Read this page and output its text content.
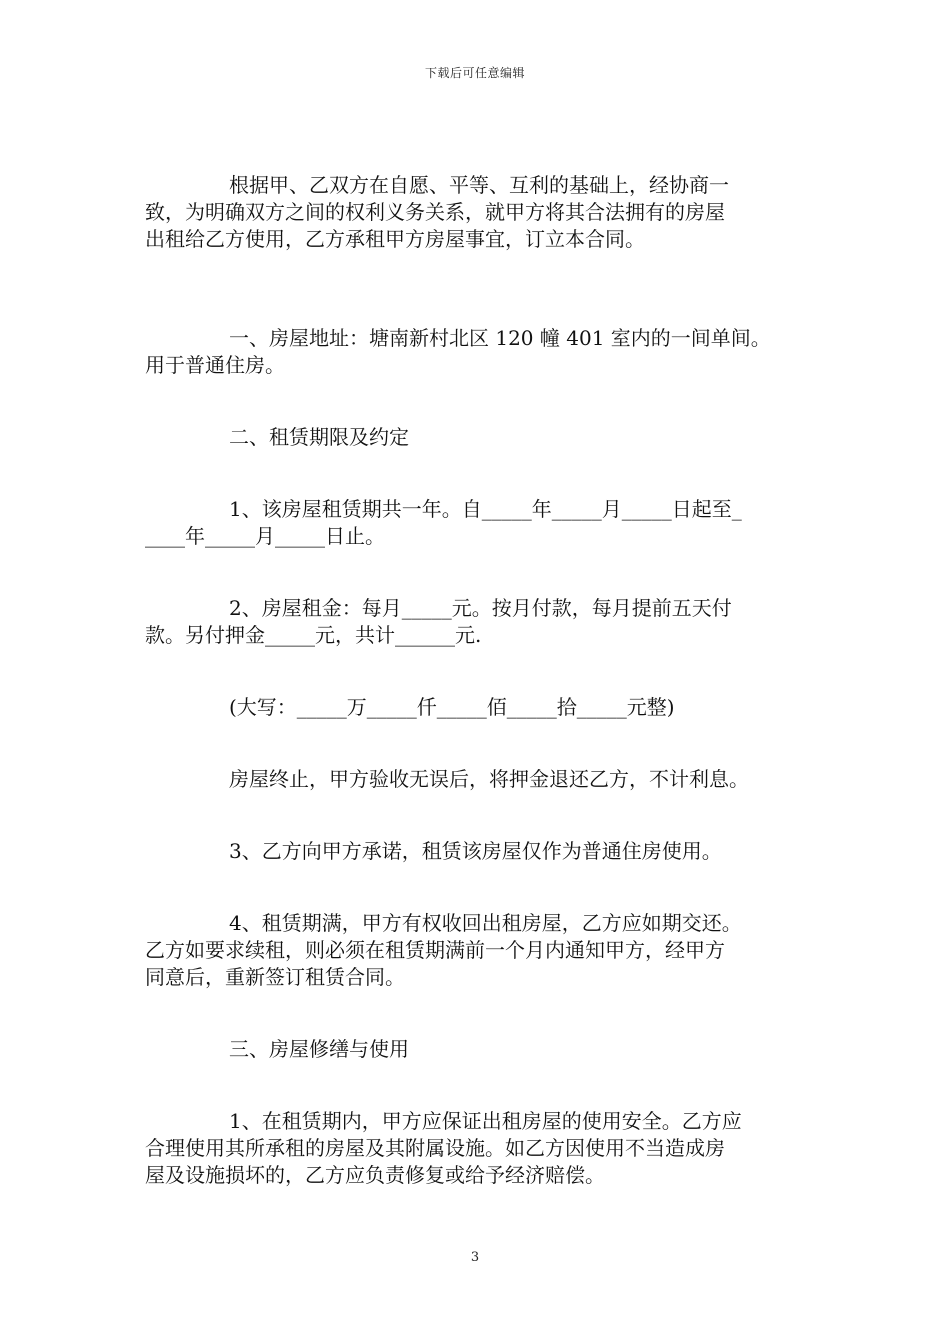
下载后可任意编辑

根据甲、乙双方在自愿、平等、互利的基础上，经协商一
致，为明确双方之间的权利义务关系，就甲方将其合法拥有的房屋
出租给乙方使用，乙方承租甲方房屋事宜，订立本合同。

一、房屋地址：塘南新村北区 120 幢 401 室内的一间单间。
用于普通住房。

二、租赁期限及约定

1、该房屋租赁期共一年。自_____年_____月_____日起至_
____年_____月_____日止。

2、房屋租金：每月_____元。按月付款，每月提前五天付
款。另付押金_____元，共计______元.

(大写：_____万_____仟_____佰_____拾_____元整)

房屋终止，甲方验收无误后，将押金退还乙方，不计利息。

3、乙方向甲方承诺，租赁该房屋仅作为普通住房使用。

4、租赁期满，甲方有权收回出租房屋，乙方应如期交还。
乙方如要求续租，则必须在租赁期满前一个月内通知甲方，经甲方
同意后，重新签订租赁合同。

三、房屋修缮与使用

1、在租赁期内，甲方应保证出租房屋的使用安全。乙方应
合理使用其所承租的房屋及其附属设施。如乙方因使用不当造成房
屋及设施损坏的，乙方应负责修复或给予经济赔偿。

3
